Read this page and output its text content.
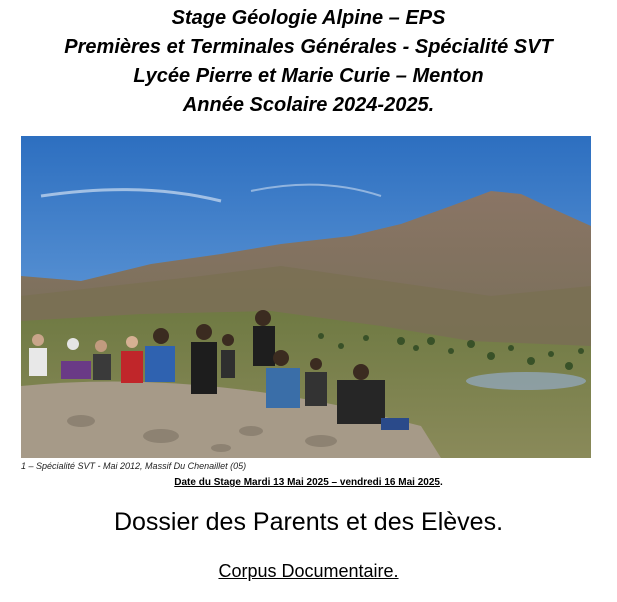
Stage Géologie Alpine – EPS
Premières et Terminales Générales - Spécialité SVT
Lycée Pierre et Marie Curie – Menton
Année Scolaire 2024-2025.
1 – Spécialité SVT - Mai 2012, Massif Du Chenaillet (05)
Date du Stage Mardi 13 Mai 2025 – vendredi 16 Mai 2025.
Dossier des Parents et des Elèves.
Corpus Documentaire.
